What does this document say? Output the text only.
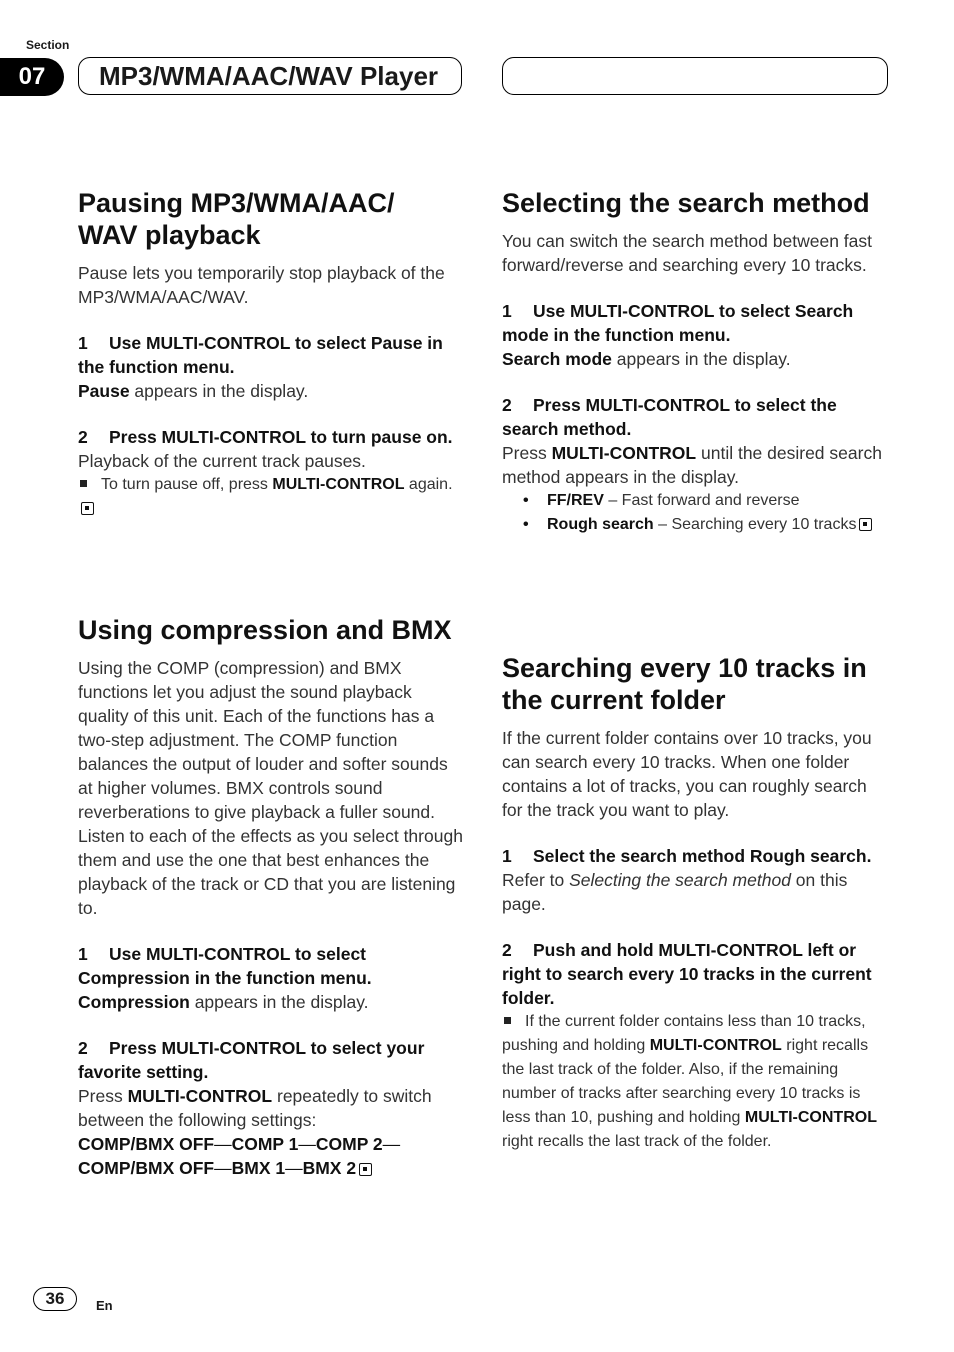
Section
07	MP3/WMA/AAC/WAV Player
Pausing MP3/WMA/AAC/
WAV playback

Pause lets you temporarily stop playback of the MP3/WMA/AAC/WAV.

1 Use MULTI-CONTROL to select Pause in the function menu.

Pause appears in the display.

2 Press MULTI-CONTROL to turn pause on.

Playback of the current track pauses.

To turn pause off, press MULTI-CONTROL again.
Using compression and BMX

Using the COMP (compression) and BMX functions let you adjust the sound playback quality of this unit. Each of the functions has a two-step adjustment. The COMP function balances the output of louder and softer sounds at higher volumes. BMX controls sound reverberations to give playback a fuller sound. Listen to each of the effects as you select through them and use the one that best enhances the playback of the track or CD that you are listening to.

1 Use MULTI-CONTROL to select Compression in the function menu.

Compression appears in the display.

2 Press MULTI-CONTROL to select your favorite setting.

Press MULTI-CONTROL repeatedly to switch between the following settings:

COMP/BMX OFF—COMP 1—COMP 2—
COMP/BMX OFF—BMX 1—BMX 2

Selecting the search method

You can switch the search method between fast forward/reverse and searching every 10 tracks.

1 Use MULTI-CONTROL to select Search mode in the function menu.

Search mode appears in the display.

2 Press MULTI-CONTROL to select the search method.

Press MULTI-CONTROL until the desired search method appears in the display.

• FF/REV – Fast forward and reverse
• Rough search – Searching every 10 tracks
Searching every 10 tracks in
the current folder

If the current folder contains over 10 tracks, you can search every 10 tracks. When one folder contains a lot of tracks, you can roughly search for the track you want to play.

1 Select the search method Rough search.

Refer to Selecting the search method on this page.

2 Push and hold MULTI-CONTROL left or right to search every 10 tracks in the current folder.
If the current folder contains less than 10 tracks, pushing and holding MULTI-CONTROL right recalls the last track of the folder. Also, if the remaining number of tracks after searching every 10 tracks is less than 10, pushing and holding MULTI-CONTROL right recalls the last track of the folder.
36	En
